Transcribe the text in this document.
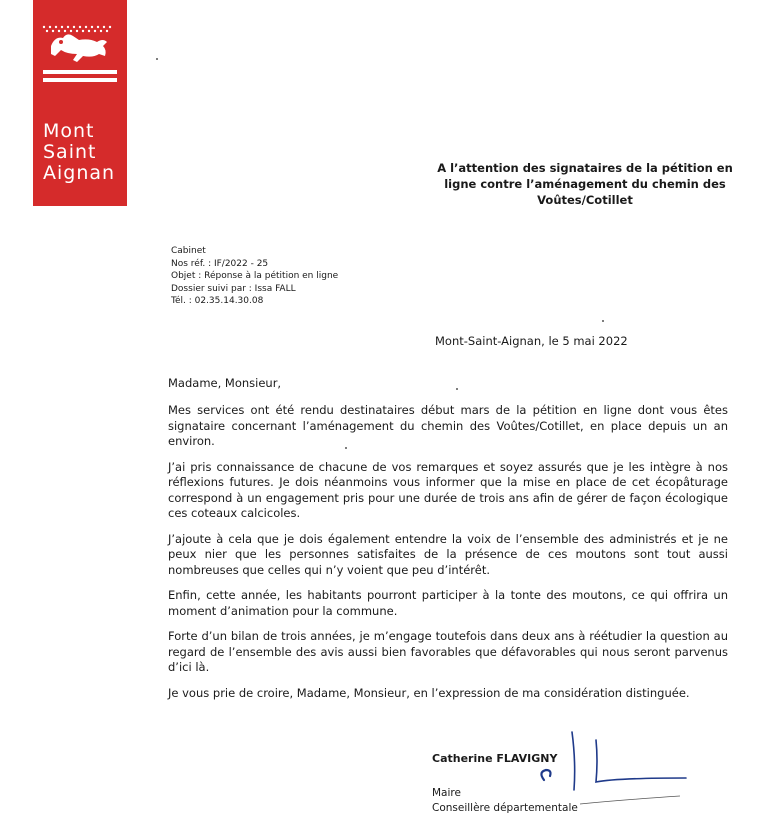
Mont
Saint
Aignan	A l’attention des signataires de la pétition en ligne contre l’aménagement du chemin des Voûtes/Cotillet
Cabinet
Nos réf. : IF/2022 - 25
Objet : Réponse à la pétition en ligne
Dossier suivi par : Issa FALL
Tél. : 02.35.14.30.08
Mont-Saint-Aignan, le 5 mai 2022
Madame, Monsieur,

Mes services ont été rendu destinataires début mars de la pétition en ligne dont vous êtes signataire concernant l’aménagement du chemin des Voûtes/Cotillet, en place depuis un an environ.

J’ai pris connaissance de chacune de vos remarques et soyez assurés que je les intègre à nos réflexions futures. Je dois néanmoins vous informer que la mise en place de cet écopâturage correspond à un engagement pris pour une durée de trois ans afin de gérer de façon écologique ces coteaux calcicoles.

J’ajoute à cela que je dois également entendre la voix de l’ensemble des administrés et je ne peux nier que les personnes satisfaites de la présence de ces moutons sont tout aussi nombreuses que celles qui n’y voient que peu d’intérêt.

Enfin, cette année, les habitants pourront participer à la tonte des moutons, ce qui offrira un moment d’animation pour la commune.

Forte d’un bilan de trois années, je m’engage toutefois dans deux ans à réétudier la question au regard de l’ensemble des avis aussi bien favorables que défavorables qui nous seront parvenus d’ici là.

Je vous prie de croire, Madame, Monsieur, en l’expression de ma considération distinguée.

Catherine FLAVIGNY
Maire
Conseillère départementale
